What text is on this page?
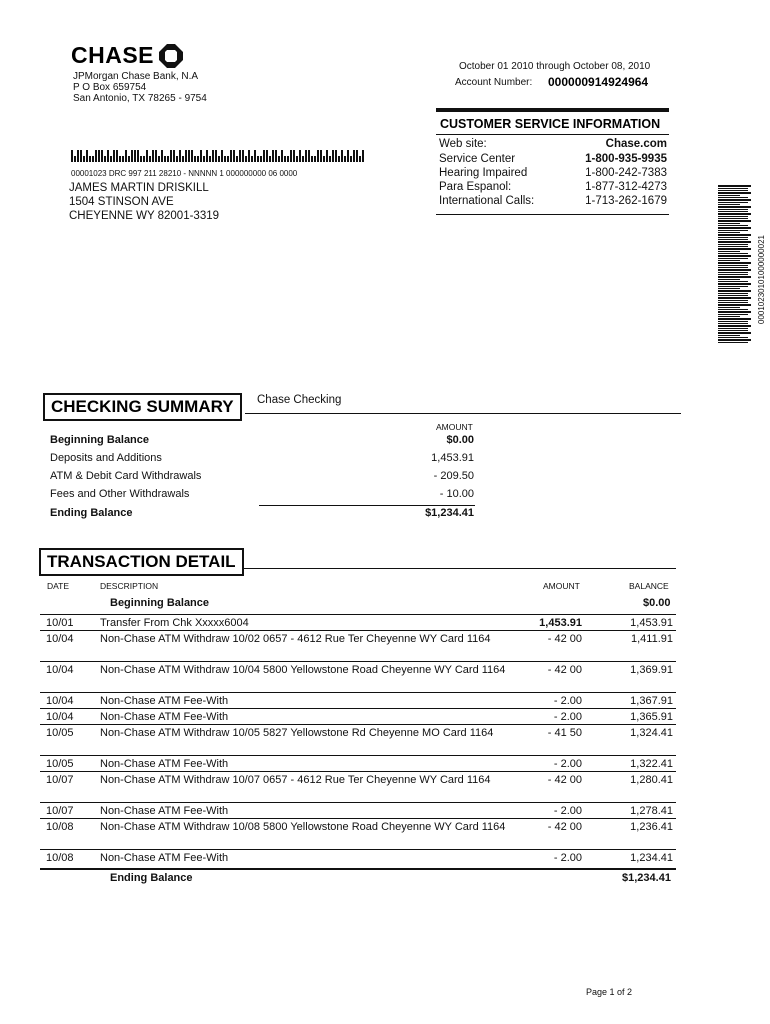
CHASE
JPMorgan Chase Bank, N.A
P O Box 659754
San Antonio, TX 78265 - 9754
October 01 2010 through October 08, 2010
Account Number: 000000914924964
CUSTOMER SERVICE INFORMATION
Web site:	Chase.com
Service Center	1-800-935-9935
Hearing Impaired	1-800-242-7383
Para Espanol:	1-877-312-4273
International Calls:	1-713-262-1679
00001023 DRC 997 211 28210 - NNNNN 1 000000000 06 0000
JAMES MARTIN DRISKILL
1504 STINSON AVE
CHEYENNE WY 82001-3319
00010230101000000021
CHECKING SUMMARY	Chase Checking
AMOUNT
Beginning Balance	$0.00
Deposits and Additions	1,453.91
ATM & Debit Card Withdrawals	- 209.50
Fees and Other Withdrawals	- 10.00
Ending Balance	$1,234.41
TRANSACTION DETAIL
DATE	DESCRIPTION	AMOUNT	BALANCE
Beginning Balance	$0.00
10/01 Transfer From Chk Xxxxx6004	1,453.91	1,453.91
10/04 Non-Chase ATM Withdraw 10/02 0657 - 4612 Rue Ter Cheyenne WY Card 1164	- 42 00	1,411.91
10/04 Non-Chase ATM Withdraw 10/04 5800 Yellowstone Road Cheyenne WY Card 1164	- 42 00	1,369.91
10/04 Non-Chase ATM Fee-With	- 2.00	1,367.91
10/04 Non-Chase ATM Fee-With	- 2.00	1,365.91
10/05 Non-Chase ATM Withdraw 10/05 5827 Yellowstone Rd Cheyenne MO Card 1164	- 41 50	1,324.41
10/05 Non-Chase ATM Fee-With	- 2.00	1,322.41
10/07 Non-Chase ATM Withdraw 10/07 0657 - 4612 Rue Ter Cheyenne WY Card 1164	- 42 00	1,280.41
10/07 Non-Chase ATM Fee-With	- 2.00	1,278.41
10/08 Non-Chase ATM Withdraw 10/08 5800 Yellowstone Road Cheyenne WY Card 1164	- 42 00	1,236.41
10/08 Non-Chase ATM Fee-With	- 2.00	1,234.41
Ending Balance	$1,234.41
Page 1 of 2
